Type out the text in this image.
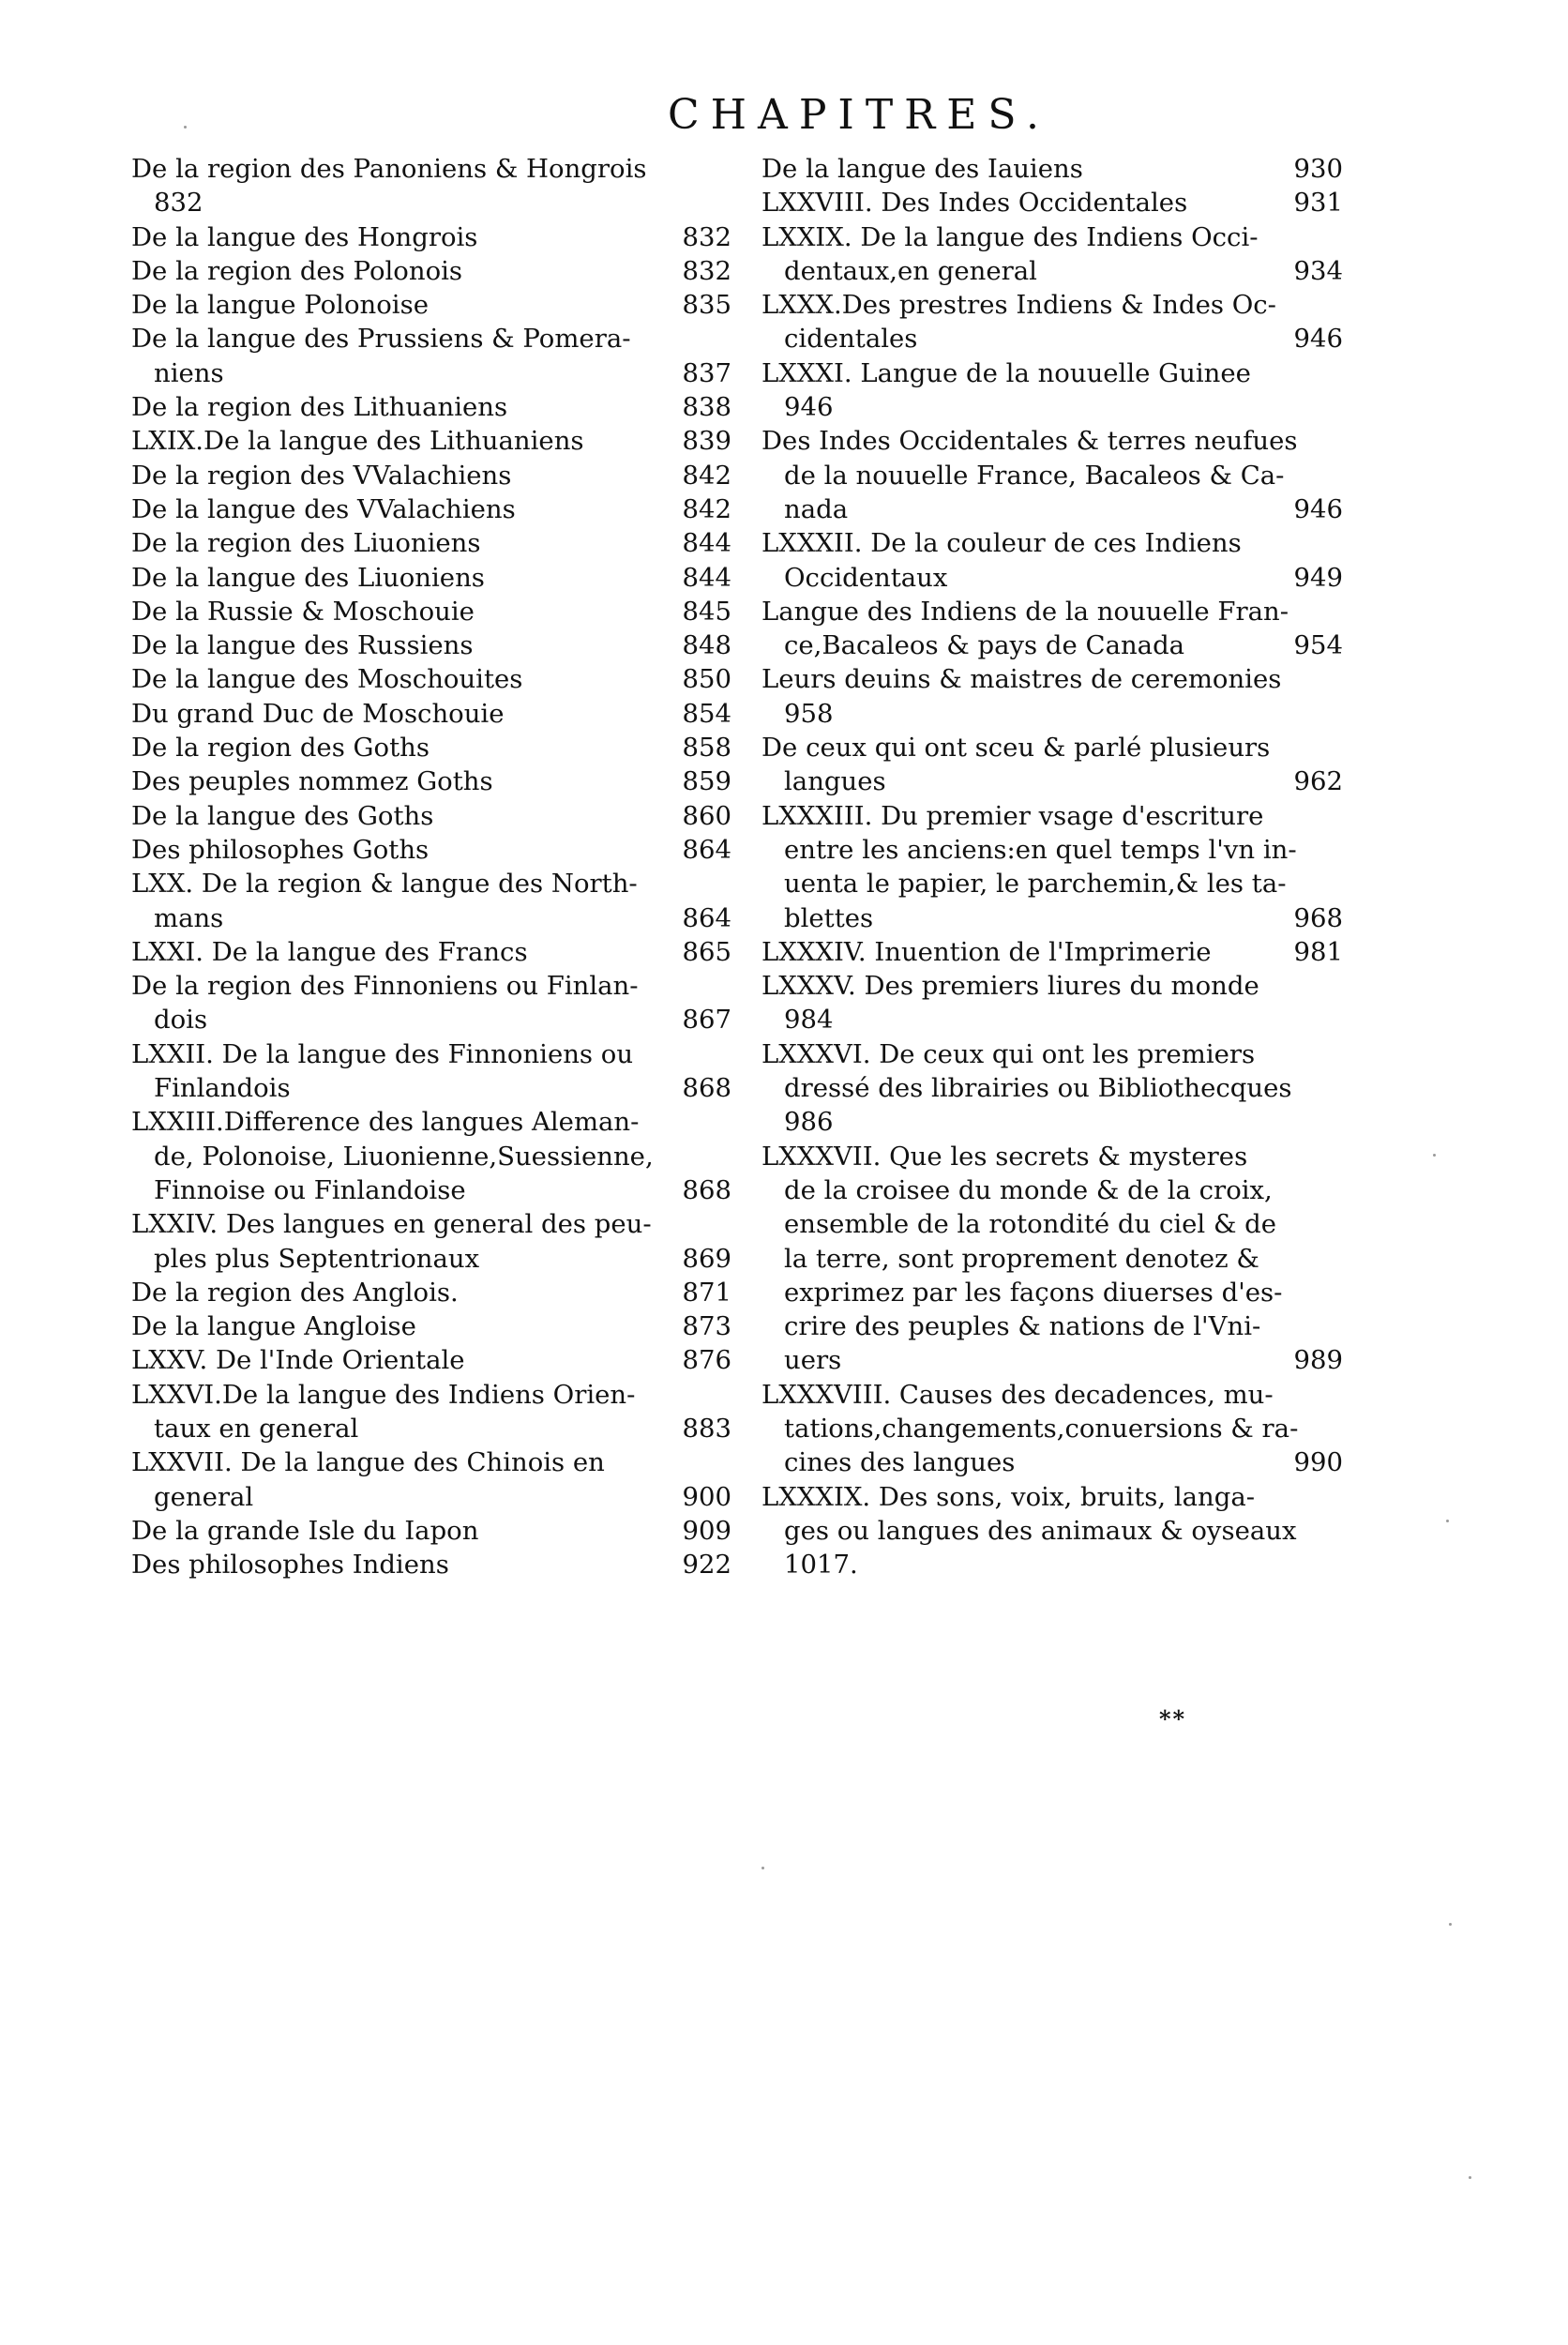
CHAPITRES.
De la region des Panoniens & Hongrois
832
De la langue des Hongrois	832
De la region des Polonois	832
De la langue Polonoise	835
De la langue des Prussiens & Pomera-
niens	837
De la region des Lithuaniens	838
LXIX.De la langue des Lithuaniens	839
De la region des VValachiens	842
De la langue des VValachiens	842
De la region des Liuoniens	844
De la langue des Liuoniens	844
De la Russie & Moschouie	845
De la langue des Russiens	848
De la langue des Moschouites	850
Du grand Duc de Moschouie	854
De la region des Goths	858
Des peuples nommez Goths	859
De la langue des Goths	860
Des philosophes Goths	864
LXX. De la region & langue des North-
mans	864
LXXI. De la langue des Francs	865
De la region des Finnoniens ou Finlan-
dois	867
LXXII. De la langue des Finnoniens ou
Finlandois	868
LXXIII.Difference des langues Aleman-
de, Polonoise, Liuonienne,Suessienne,
Finnoise ou Finlandoise	868
LXXIV. Des langues en general des peu-
ples plus Septentrionaux	869
De la region des Anglois.	871
De la langue Angloise	873
LXXV. De l'Inde Orientale	876
LXXVI.De la langue des Indiens Orien-
taux en general	883
LXXVII. De la langue des Chinois en
general	900
De la grande Isle du Iapon	909
Des philosophes Indiens	922
De la langue des Iauiens	930
LXXVIII. Des Indes Occidentales	931
LXXIX. De la langue des Indiens Occi-
dentaux,en general	934
LXXX.Des prestres Indiens & Indes Oc-
cidentales	946
LXXXI. Langue de la nouuelle Guinee
946
Des Indes Occidentales & terres neufues
de la nouuelle France, Bacaleos & Ca-
nada	946
LXXXII. De la couleur de ces Indiens
Occidentaux	949
Langue des Indiens de la nouuelle Fran-
ce,Bacaleos & pays de Canada	954
Leurs deuins & maistres de ceremonies
958
De ceux qui ont sceu & parlé plusieurs
langues	962
LXXXIII. Du premier vsage d'escriture
entre les anciens:en quel temps l'vn in-
uenta le papier, le parchemin,& les ta-
blettes	968
LXXXIV. Inuention de l'Imprimerie	981
LXXXV. Des premiers liures du monde
984
LXXXVI. De ceux qui ont les premiers
dressé des librairies ou Bibliothecques
986
LXXXVII. Que les secrets & mysteres
de la croisee du monde & de la croix,
ensemble de la rotondité du ciel & de
la terre, sont proprement denotez &
exprimez par les façons diuerses d'es-
crire des peuples & nations de l'Vni-
uers	989
LXXXVIII. Causes des decadences, mu-
tations,changements,conuersions & ra-
cines des langues	990
LXXXIX. Des sons, voix, bruits, langa-
ges ou langues des animaux & oyseaux
1017.
**
